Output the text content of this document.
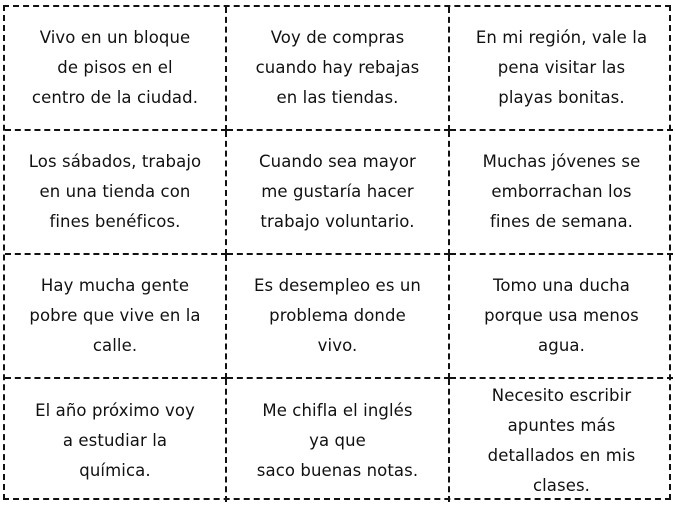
Vivo en un bloque
de pisos en el
centro de la ciudad.
Voy de compras
cuando hay rebajas
en las tiendas.
En mi región, vale la
pena visitar las
playas bonitas.
Los sábados, trabajo
en una tienda con
fines benéficos.
Cuando sea mayor
me gustaría hacer
trabajo voluntario.
Muchas jóvenes se
emborrachan los
fines de semana.
Hay mucha gente
pobre que vive en la
calle.
Es desempleo es un
problema donde
vivo.
Tomo una ducha
porque usa menos
agua.
El año próximo voy
a estudiar la
química.
Me chifla el inglés
ya que
saco buenas notas.
Necesito escribir
apuntes más
detallados en mis
clases.
